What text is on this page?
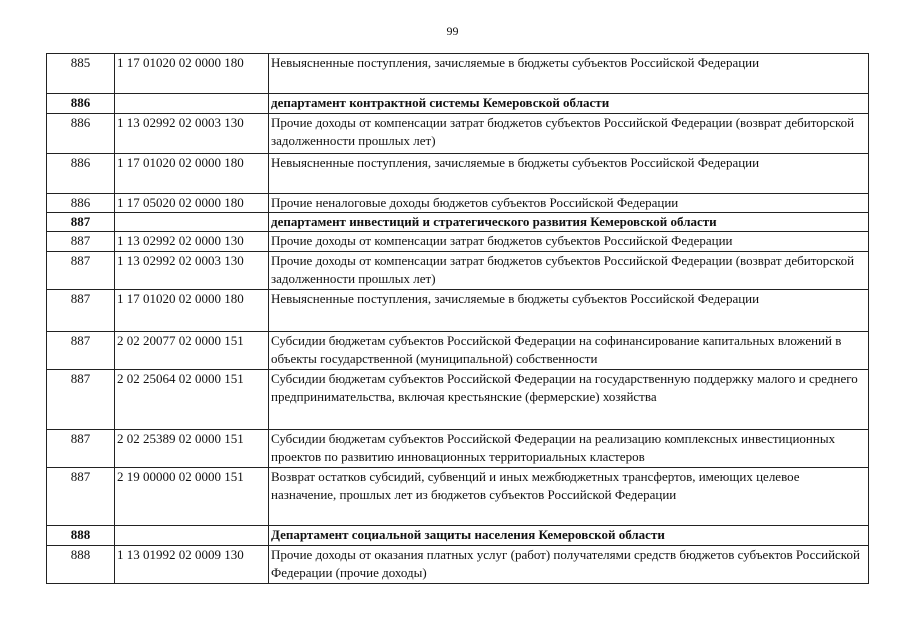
99
885	1 17 01020 02 0000 180	Невыясненные поступления, зачисляемые в бюджеты субъектов Российской Федерации
886		департамент контрактной системы Кемеровской области
886	1 13 02992 02 0003 130	Прочие доходы от компенсации затрат бюджетов субъектов Российской Федерации (возврат дебиторской задолженности прошлых лет)
886	1 17 01020 02 0000 180	Невыясненные поступления, зачисляемые в бюджеты субъектов Российской Федерации
886	1 17 05020 02 0000 180	Прочие неналоговые доходы бюджетов субъектов Российской Федерации
887		департамент инвестиций и стратегического развития Кемеровской области
887	1 13 02992 02 0000 130	Прочие доходы от компенсации затрат бюджетов субъектов Российской Федерации
887	1 13 02992 02 0003 130	Прочие доходы от компенсации затрат бюджетов субъектов Российской Федерации (возврат дебиторской задолженности прошлых лет)
887	1 17 01020 02 0000 180	Невыясненные поступления, зачисляемые в бюджеты субъектов Российской Федерации
887	2 02 20077 02 0000 151	Субсидии бюджетам субъектов Российской Федерации на софинансирование капитальных вложений в объекты государственной (муниципальной) собственности
887	2 02 25064 02 0000 151	Субсидии бюджетам субъектов Российской Федерации на государственную поддержку малого и среднего предпринимательства, включая крестьянские (фермерские) хозяйства
887	2 02 25389 02 0000 151	Субсидии бюджетам субъектов Российской Федерации на реализацию комплексных инвестиционных проектов по развитию инновационных территориальных кластеров
887	2 19 00000 02 0000 151	Возврат остатков субсидий, субвенций и иных межбюджетных трансфертов, имеющих целевое назначение, прошлых лет из бюджетов субъектов Российской Федерации
888		Департамент социальной защиты населения Кемеровской области
888	1 13 01992 02 0009 130	Прочие доходы от оказания платных услуг (работ) получателями средств бюджетов субъектов Российской Федерации (прочие доходы)
